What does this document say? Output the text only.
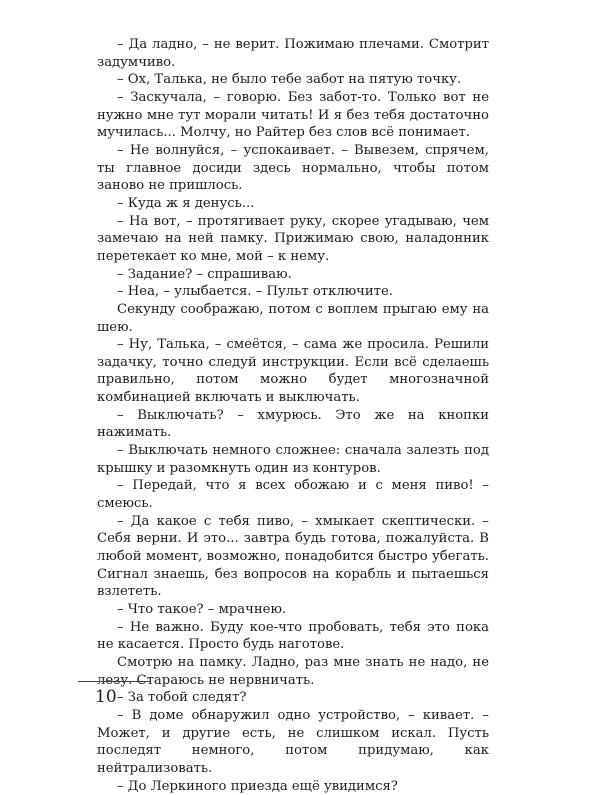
– Да ладно, – не верит. Пожимаю плечами. Смотрит задумчиво.

– Ох, Талька, не было тебе забот на пятую точку.

– Заскучала, – говорю. Без забот-то. Только вот не нужно мне тут морали читать! И я без тебя достаточно мучилась... Молчу, но Райтер без слов всё понимает.

– Не волнуйся, – успокаивает. – Вывезем, спрячем, ты главное досиди здесь нормально, чтобы потом заново не пришлось.

– Куда ж я денусь...

– На вот, – протягивает руку, скорее угадываю, чем замечаю на ней памку. Прижимаю свою, наладонник перетекает ко мне, мой – к нему.

– Задание? – спрашиваю.

– Неа, – улыбается. – Пульт отключите.

Секунду соображаю, потом с воплем прыгаю ему на шею.

– Ну, Талька, – смеётся, – сама же просила. Решили задачку, точно следуй инструкции. Если всё сделаешь правильно, потом можно будет многозначной комбинацией включать и выключать.

– Выключать? – хмурюсь. Это же на кнопки нажимать.

– Выключать немного сложнее: сначала залезть под крышку и разомкнуть один из контуров.

– Передай, что я всех обожаю и с меня пиво! – смеюсь.

– Да какое с тебя пиво, – хмыкает скептически. – Себя верни. И это... завтра будь готова, пожалуйста. В любой момент, возможно, понадобится быстро убегать. Сигнал знаешь, без вопросов на корабль и пытаешься взлететь.

– Что такое? – мрачнею.

– Не важно. Буду кое-что пробовать, тебя это пока не касается. Просто будь наготове.

Смотрю на памку. Ладно, раз мне знать не надо, не лезу. Стараюсь не нервничать.

– За тобой следят?

– В доме обнаружил одно устройство, – кивает. – Может, и другие есть, не слишком искал. Пусть последят немного, потом придумаю, как нейтрализовать.

– До Леркиного приезда ещё увидимся?

10
